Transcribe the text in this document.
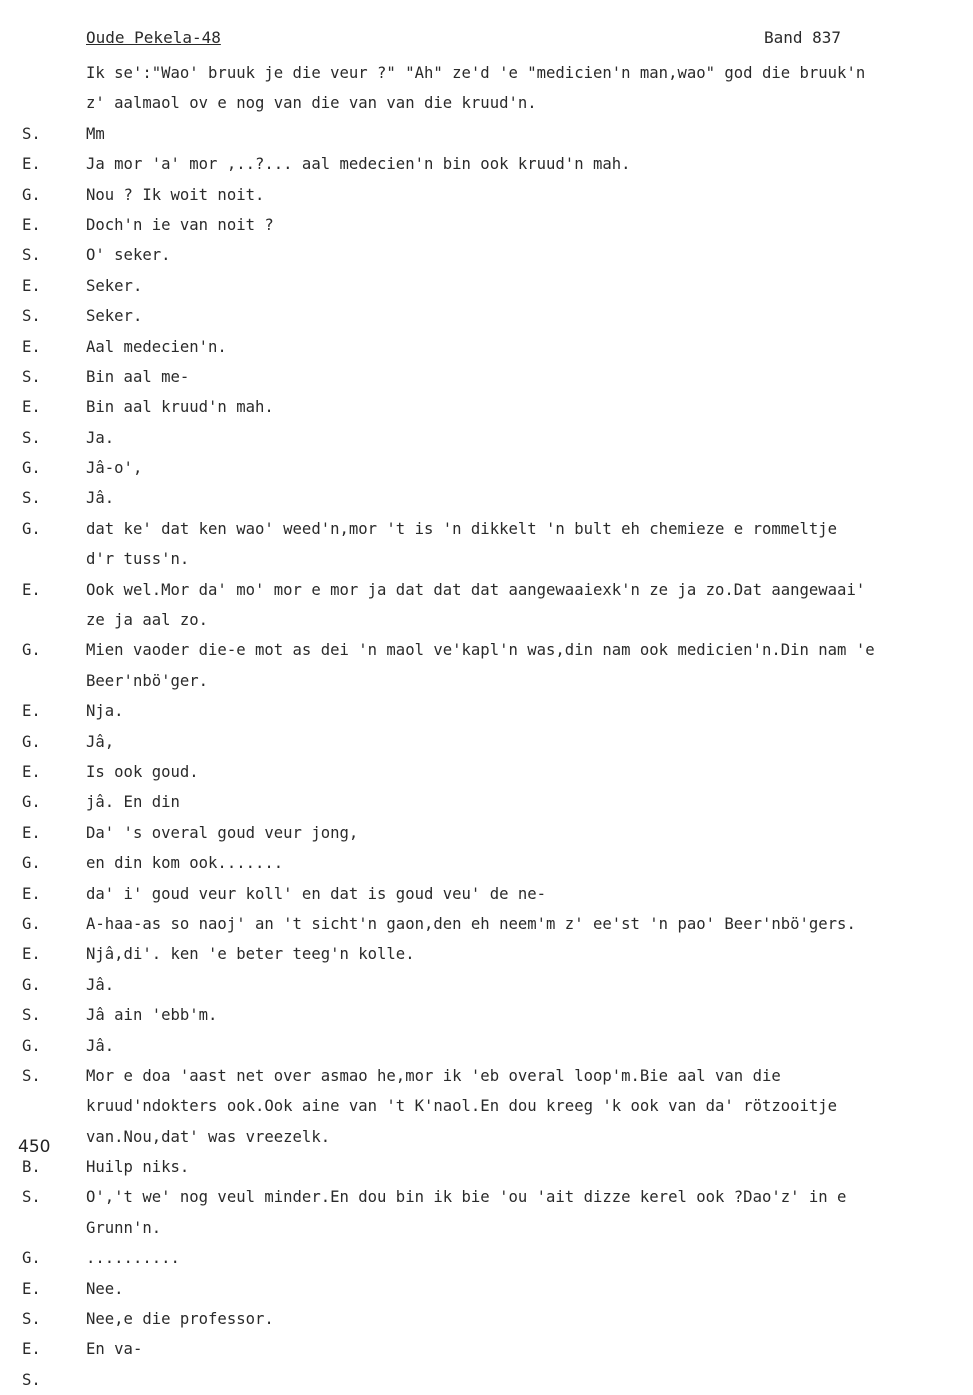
Oude Pekela-48	Band 837
450
Ik se':"Wao' bruuk je die veur ?" "Ah" ze'd 'e "medicien'n man,wao" god die bruuk'n
z' aalmaol ov e nog van die van van die kruud'n.
S.	Mm
E.	Ja mor 'a' mor ,..?... aal medecien'n bin ook kruud'n mah.
G.	Nou ? Ik woit noit.
E.	Doch'n ie van noit ?
S.	O' seker.
E.	Seker.
S.	Seker.
E.	Aal medecien'n.
S.	Bin aal me-
E.	Bin aal kruud'n mah.
S.	Ja.
G.	Jâ-o',
S.	Jâ.
G.	dat ke' dat ken wao' weed'n,mor 't is 'n dikkelt 'n bult eh chemieze e rommeltje
d'r tuss'n.
E.	Ook wel.Mor da' mo' mor e mor ja dat dat dat aangewaaiexk'n ze ja zo.Dat aangewaai'
ze ja aal zo.
G.	Mien vaoder die-e mot as dei 'n maol ve'kapl'n was,din nam ook medicien'n.Din nam 'e
Beer'nbö'ger.
E.	Nja.
G.	Jâ,
E.	Is ook goud.
G.	jâ. En din
E.	Da' 's overal goud veur jong,
G.	en din kom ook.......
E.	da' i' goud veur koll' en dat is goud veu' de ne-
G.	A-haa-as so naoj' an 't sicht'n gaon,den eh neem'm z' ee'st 'n pao' Beer'nbö'gers.
E.	Njâ,di'. ken 'e beter teeg'n kolle.
G.	Jâ.
S.	Jâ ain 'ebb'm.
G.	Jâ.
S.	Mor e doa 'aast net over asmao he,mor ik 'eb overal loop'm.Bie aal van die
kruud'ndokters ook.Ook aine van 't K'naol.En dou kreeg 'k ook van da' rötzooitje
van.Nou,dat' was vreezelk.
B.	Huilp niks.
S.	O','t we' nog veul minder.En dou bin ik bie 'ou 'ait dizze kerel ook ?Dao'z' in e
Grunn'n.
G.	..........
E.	Nee.
S.	Nee,e die professor.
E.	En va-
S.
